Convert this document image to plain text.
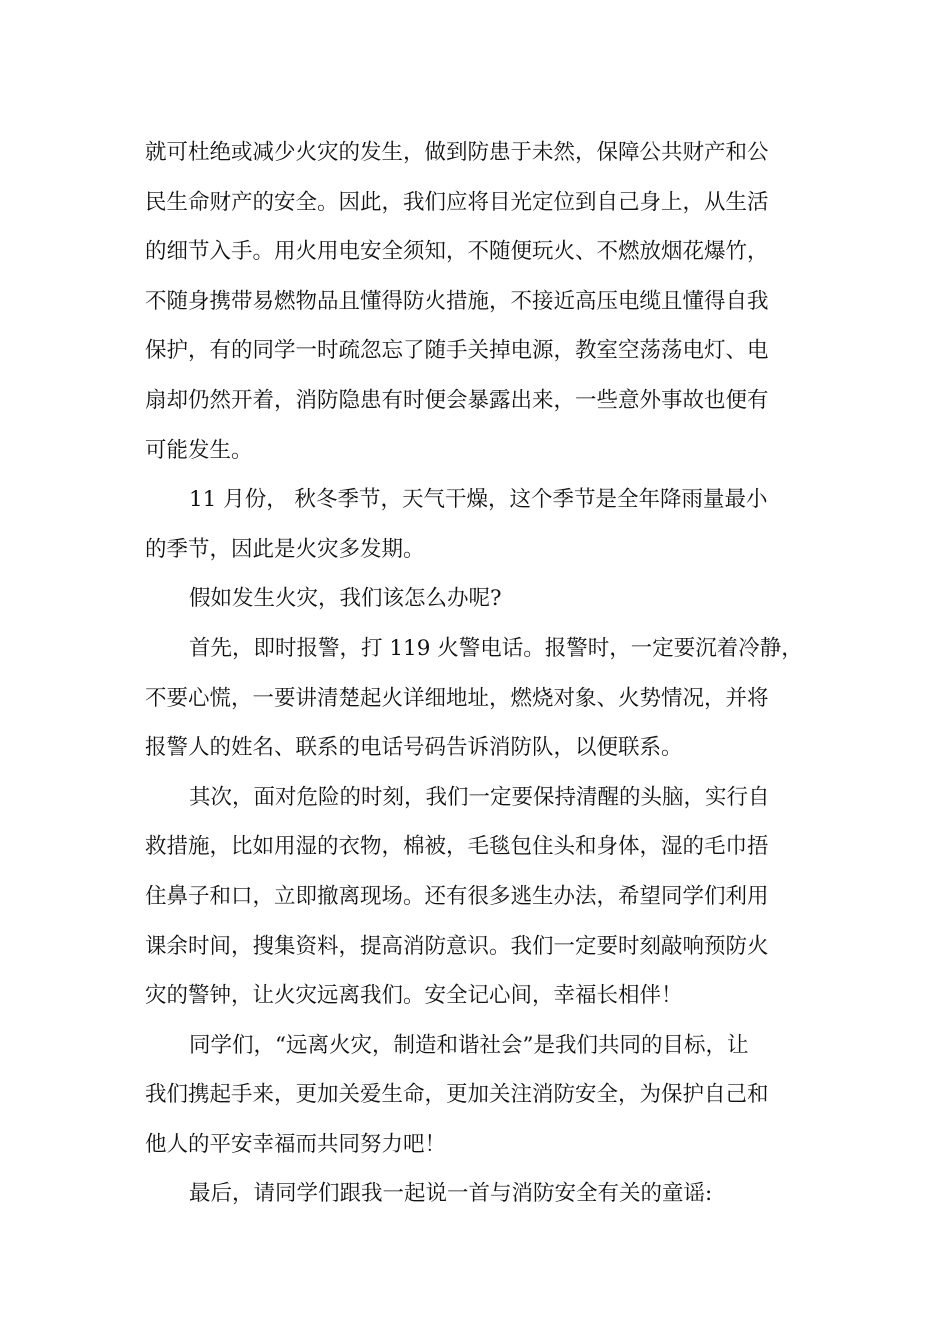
就可杜绝或减少火灾的发生，做到防患于未然，保障公共财产和公
民生命财产的安全。因此，我们应将目光定位到自己身上，从生活
的细节入手。用火用电安全须知，不随便玩火、不燃放烟花爆竹，
不随身携带易燃物品且懂得防火措施，不接近高压电缆且懂得自我
保护，有的同学一时疏忽忘了随手关掉电源，教室空荡荡电灯、电
扇却仍然开着，消防隐患有时便会暴露出来，一些意外事故也便有
可能发生。
11 月份， 秋冬季节，天气干燥，这个季节是全年降雨量最小
的季节，因此是火灾多发期。
假如发生火灾，我们该怎么办呢?
首先，即时报警，打 119 火警电话。报警时，一定要沉着冷静，
不要心慌，一要讲清楚起火详细地址，燃烧对象、火势情况，并将
报警人的姓名、联系的电话号码告诉消防队，以便联系。
其次，面对危险的时刻，我们一定要保持清醒的头脑，实行自
救措施，比如用湿的衣物，棉被，毛毯包住头和身体，湿的毛巾捂
住鼻子和口，立即撤离现场。还有很多逃生办法，希望同学们利用
课余时间，搜集资料，提高消防意识。我们一定要时刻敲响预防火
灾的警钟，让火灾远离我们。安全记心间，幸福长相伴！
同学们，“远离火灾，制造和谐社会”是我们共同的目标，让
我们携起手来，更加关爱生命，更加关注消防安全，为保护自己和
他人的平安幸福而共同努力吧！
最后，请同学们跟我一起说一首与消防安全有关的童谣:
